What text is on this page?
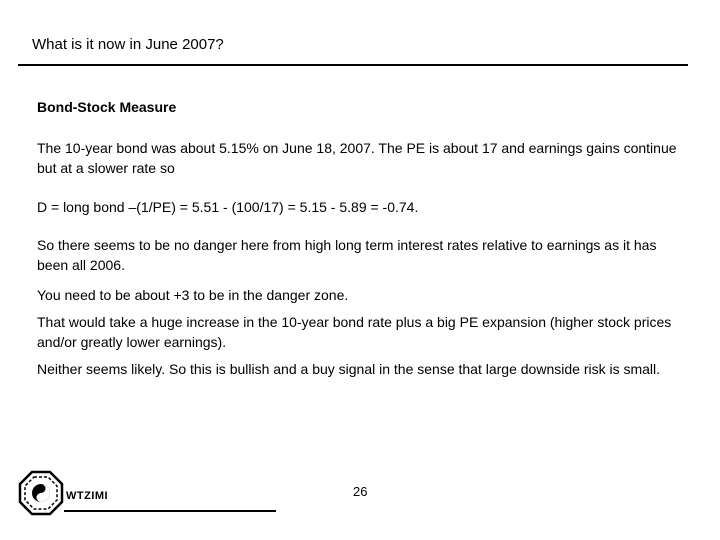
What is it now in June 2007?
Bond-Stock Measure
The 10-year bond was about 5.15% on June 18, 2007. The PE is about 17 and earnings gains continue but at a slower rate so
D = long bond –(1/PE) = 5.51 - (100/17) = 5.15 - 5.89 = -0.74.
So there seems to be no danger here from high long term interest rates relative to earnings as it has been all 2006.
You need to be about +3 to be in the danger zone.
That would take a huge increase in the 10-year bond rate plus a big PE expansion (higher stock prices and/or greatly lower earnings).
Neither seems likely. So this is bullish and a buy signal in the sense that large downside risk is small.
26
WTZIMI
